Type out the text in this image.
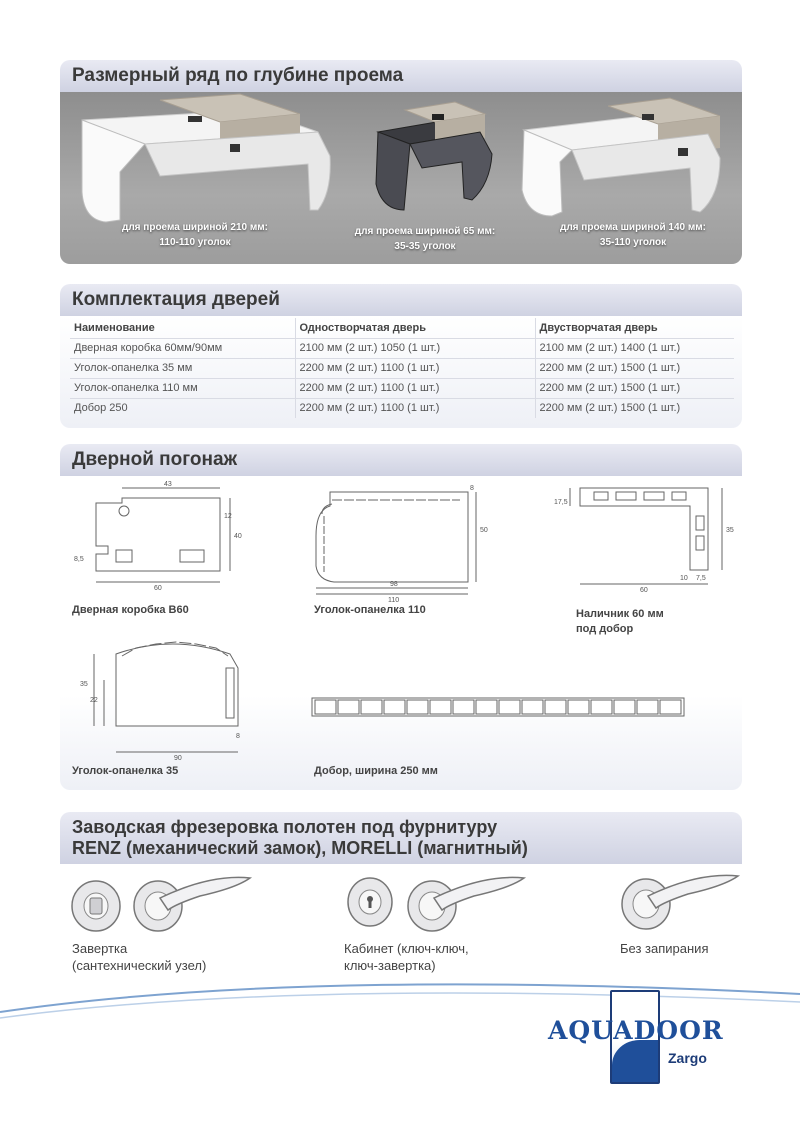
Размерный ряд по глубине проема
для проема шириной 210 мм:
110-110 уголок
для проема шириной 65 мм:
35-35 уголок
для проема шириной 140 мм:
35-110 уголок
Комплектация дверей
Наименование	Одностворчатая дверь	Двустворчатая дверь
Дверная коробка 60мм/90мм	2100 мм (2 шт.) 1050 (1 шт.)	2100 мм (2 шт.) 1400 (1 шт.)
Уголок-опанелка 35 мм	2200 мм (2 шт.) 1100 (1 шт.)	2200 мм (2 шт.) 1500 (1 шт.)
Уголок-опанелка 110 мм	2200 мм (2 шт.) 1100 (1 шт.)	2200 мм (2 шт.) 1500 (1 шт.)
Добор 250	2200 мм (2 шт.) 1100 (1 шт.)	2200 мм (2 шт.) 1500 (1 шт.)
Дверной погонаж
43
12
40
8,5
60
8
50
98
110
17,5
35
10 7,5
60
35
22
8
90
Дверная коробка В60	Уголок-опанелка 110	Наличник 60 мм
под добор
Уголок-опанелка 35	Добор, ширина 250 мм
Заводская фрезеровка полотен под фурнитуру
RENZ (механический замок), MORELLI (магнитный)
Завертка
(сантехнический узел)
Кабинет (ключ-ключ,
ключ-завертка)
Без запирания
AQUADOOR
Zargo
